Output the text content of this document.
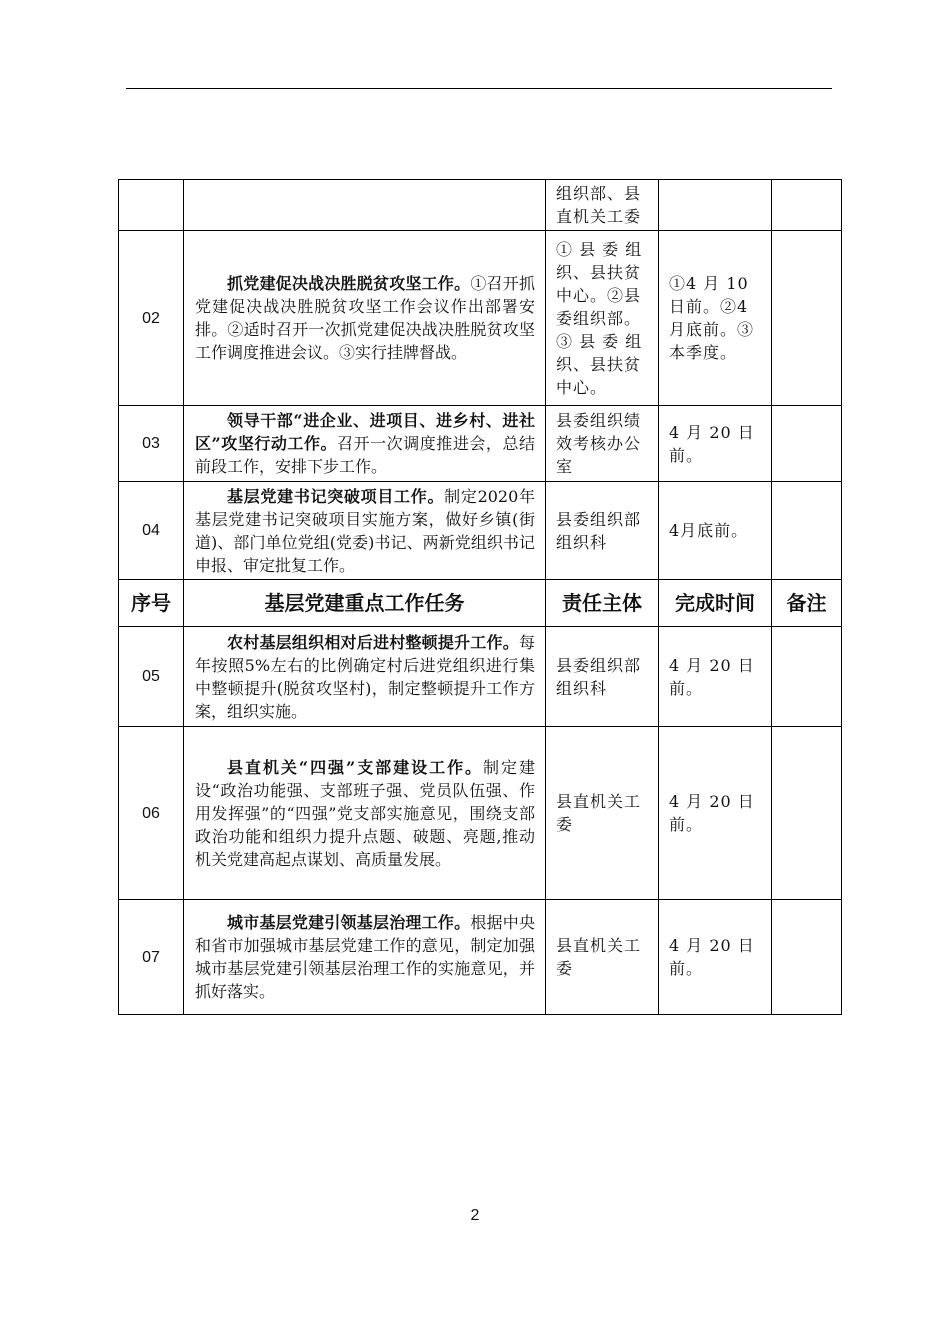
		组织部、县直机关工委		
02	抓党建促决战决胜脱贫攻坚工作。①召开抓党建促决战决胜脱贫攻坚工作会议作出部署安排。②适时召开一次抓党建促决战决胜脱贫攻坚工作调度推进会议。③实行挂牌督战。	① 县 委 组织、县扶贫中心。②县委组织部。③ 县 委 组织、县扶贫中心。	①4 月 10 日前。②4 月底前。③本季度。	
03	领导干部“进企业、进项目、进乡村、进社区”攻坚行动工作。召开一次调度推进会，总结前段工作，安排下步工作。	县委组织绩效考核办公室	4 月 20 日前。	
04	基层党建书记突破项目工作。制定2020年基层党建书记突破项目实施方案，做好乡镇(街道)、部门单位党组(党委)书记、两新党组织书记申报、审定批复工作。	县委组织部组织科	4月底前。	
序号	基层党建重点工作任务	责任主体	完成时间	备注
05	农村基层组织相对后进村整顿提升工作。每年按照5%左右的比例确定村后进党组织进行集中整顿提升(脱贫攻坚村)，制定整顿提升工作方案，组织实施。	县委组织部组织科	4 月 20 日前。	
06	县直机关“四强”支部建设工作。制定建设“政治功能强、支部班子强、党员队伍强、作用发挥强”的“四强”党支部实施意见，围绕支部政治功能和组织力提升点题、破题、亮题,推动机关党建高起点谋划、高质量发展。	县直机关工委	4 月 20 日前。	
07	城市基层党建引领基层治理工作。根据中央和省市加强城市基层党建工作的意见，制定加强城市基层党建引领基层治理工作的实施意见，并抓好落实。	县直机关工委	4 月 20 日前。	
2
